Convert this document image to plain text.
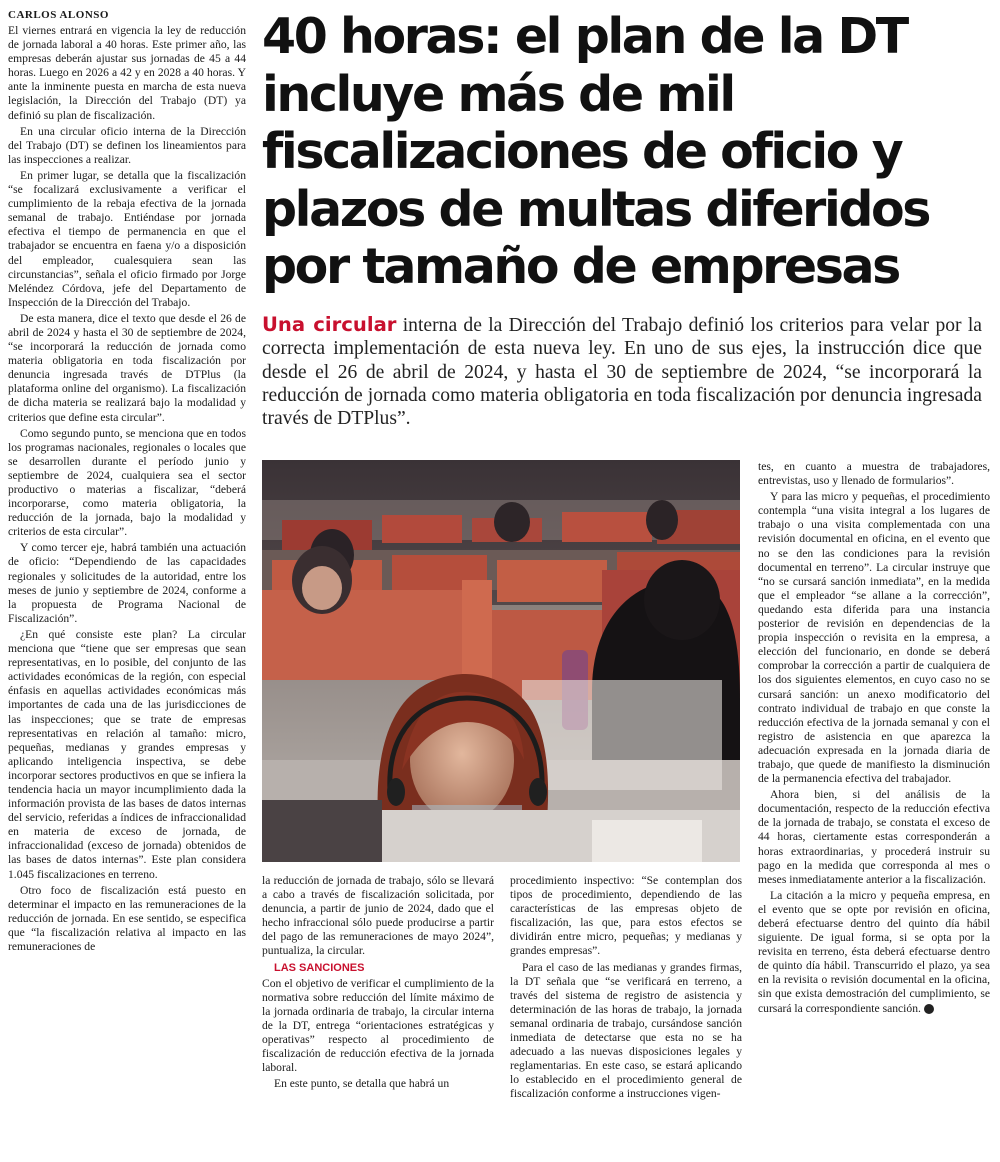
CARLOS ALONSO

El viernes entrará en vigencia la ley de reducción de jornada laboral a 40 horas. Este primer año, las empresas deberán ajustar sus jornadas de 45 a 44 horas. Luego en 2026 a 42 y en 2028 a 40 horas. Y ante la inminente puesta en marcha de esta nueva legislación, la Dirección del Trabajo (DT) ya definió su plan de fiscalización.

En una circular oficio interna de la Dirección del Trabajo (DT) se definen los lineamientos para las inspecciones a realizar.

En primer lugar, se detalla que la fiscalización “se focalizará exclusivamente a verificar el cumplimiento de la rebaja efectiva de la jornada semanal de trabajo. Entiéndase por jornada efectiva el tiempo de permanencia en que el trabajador se encuentra en faena y/o a disposición del empleador, cualesquiera sean las circunstancias”, señala el oficio firmado por Jorge Meléndez Córdova, jefe del Departamento de Inspección de la Dirección del Trabajo.

De esta manera, dice el texto que desde el 26 de abril de 2024 y hasta el 30 de septiembre de 2024, “se incorporará la reducción de jornada como materia obligatoria en toda fiscalización por denuncia ingresada través de DTPlus (la plataforma online del organismo). La fiscalización de dicha materia se realizará bajo la modalidad y criterios que define esta circular”.

Como segundo punto, se menciona que en todos los programas nacionales, regionales o locales que se desarrollen durante el período junio y septiembre de 2024, cualquiera sea el sector productivo o materias a fiscalizar, “deberá incorporarse, como materia obligatoria, la reducción de la jornada, bajo la modalidad y criterios de esta circular”.

Y como tercer eje, habrá también una actuación de oficio: “Dependiendo de las capacidades regionales y solicitudes de la autoridad, entre los meses de junio y septiembre de 2024, conforme a la propuesta de Programa Nacional de Fiscalización”.

¿En qué consiste este plan? La circular menciona que “tiene que ser empresas que sean representativas, en lo posible, del conjunto de las actividades económicas de la región, con especial énfasis en aquellas actividades económicas más importantes de cada una de las jurisdicciones de las inspecciones; que se trate de empresas representativas en relación al tamaño: micro, pequeñas, medianas y grandes empresas y aplicando inteligencia inspectiva, se debe incorporar sectores productivos en que se infiera la tendencia hacia un mayor incumplimiento dada la información provista de las bases de datos internas del servicio, referidas a índices de infraccionalidad en materia de exceso de jornada, de infraccionalidad (exceso de jornada) obtenidos de las bases de datos internas”. Este plan considera 1.045 fiscalizaciones en terreno.

Otro foco de fiscalización está puesto en determinar el impacto en las remuneraciones de la reducción de jornada. En ese sentido, se especifica que “la fiscalización relativa al impacto en las remuneraciones de

40 horas: el plan de la DT incluye más de mil fiscalizaciones de oficio y plazos de multas diferidos por tamaño de empresas
Una circular interna de la Dirección del Trabajo definió los criterios para velar por la correcta implementación de esta nueva ley. En uno de sus ejes, la instrucción dice que desde el 26 de abril de 2024, y hasta el 30 de septiembre de 2024, “se incorporará la reducción de jornada como materia obligatoria en toda fiscalización por denuncia ingresada través de DTPlus”.

la reducción de jornada de trabajo, sólo se llevará a cabo a través de fiscalización solicitada, por denuncia, a partir de junio de 2024, dado que el hecho infraccional sólo puede producirse a partir del pago de las remuneraciones de mayo 2024”, puntualiza, la circular.

LAS SANCIONES

Con el objetivo de verificar el cumplimiento de la normativa sobre reducción del límite máximo de la jornada ordinaria de trabajo, la circular interna de la DT, entrega “orientaciones estratégicas y operativas” respecto al procedimiento de fiscalización de reducción efectiva de la jornada laboral.

En este punto, se detalla que habrá un

procedimiento inspectivo: “Se contemplan dos tipos de procedimiento, dependiendo de las características de las empresas objeto de fiscalización, las que, para estos efectos se dividirán entre micro, pequeñas; y medianas y grandes empresas”.

Para el caso de las medianas y grandes firmas, la DT señala que “se verificará en terreno, a través del sistema de registro de asistencia y determinación de las horas de trabajo, la jornada semanal ordinaria de trabajo, cursándose sanción inmediata de detectarse que esta no se ha adecuado a las nuevas disposiciones legales y reglamentarias. En este caso, se estará aplicando lo establecido en el procedimiento general de fiscalización conforme a instrucciones vigen-

tes, en cuanto a muestra de trabajadores, entrevistas, uso y llenado de formularios”.

Y para las micro y pequeñas, el procedimiento contempla “una visita integral a los lugares de trabajo o una visita complementada con una revisión documental en oficina, en el evento que no se den las condiciones para la revisión documental en terreno”. La circular instruye que “no se cursará sanción inmediata”, en la medida que el empleador “se allane a la corrección”, quedando esta diferida para una instancia posterior de revisión en dependencias de la propia inspección o revisita en la empresa, a elección del funcionario, en donde se deberá comprobar la corrección a partir de cualquiera de los dos siguientes elementos, en cuyo caso no se cursará sanción: un anexo modificatorio del contrato individual de trabajo en que conste la reducción efectiva de la jornada semanal y con el registro de asistencia en que aparezca la adecuación expresada en la jornada diaria de trabajo, que quede de manifiesto la disminución de la permanencia efectiva del trabajador.

Ahora bien, si del análisis de la documentación, respecto de la reducción efectiva de la jornada de trabajo, se constata el exceso de 44 horas, ciertamente estas corresponderán a horas extraordinarias, y procederá instruir su pago en la medida que corresponda al mes o meses inmediatamente anterior a la fiscalización.

La citación a la micro y pequeña empresa, en el evento que se opte por revisión en oficina, deberá efectuarse dentro del quinto día hábil siguiente. De igual forma, si se opta por la revisita en terreno, ésta deberá efectuarse dentro de quinto día hábil. Transcurrido el plazo, ya sea en la revisita o revisión documental en la oficina, sin que exista demostración del cumplimiento, se cursará la correspondiente sanción. P
